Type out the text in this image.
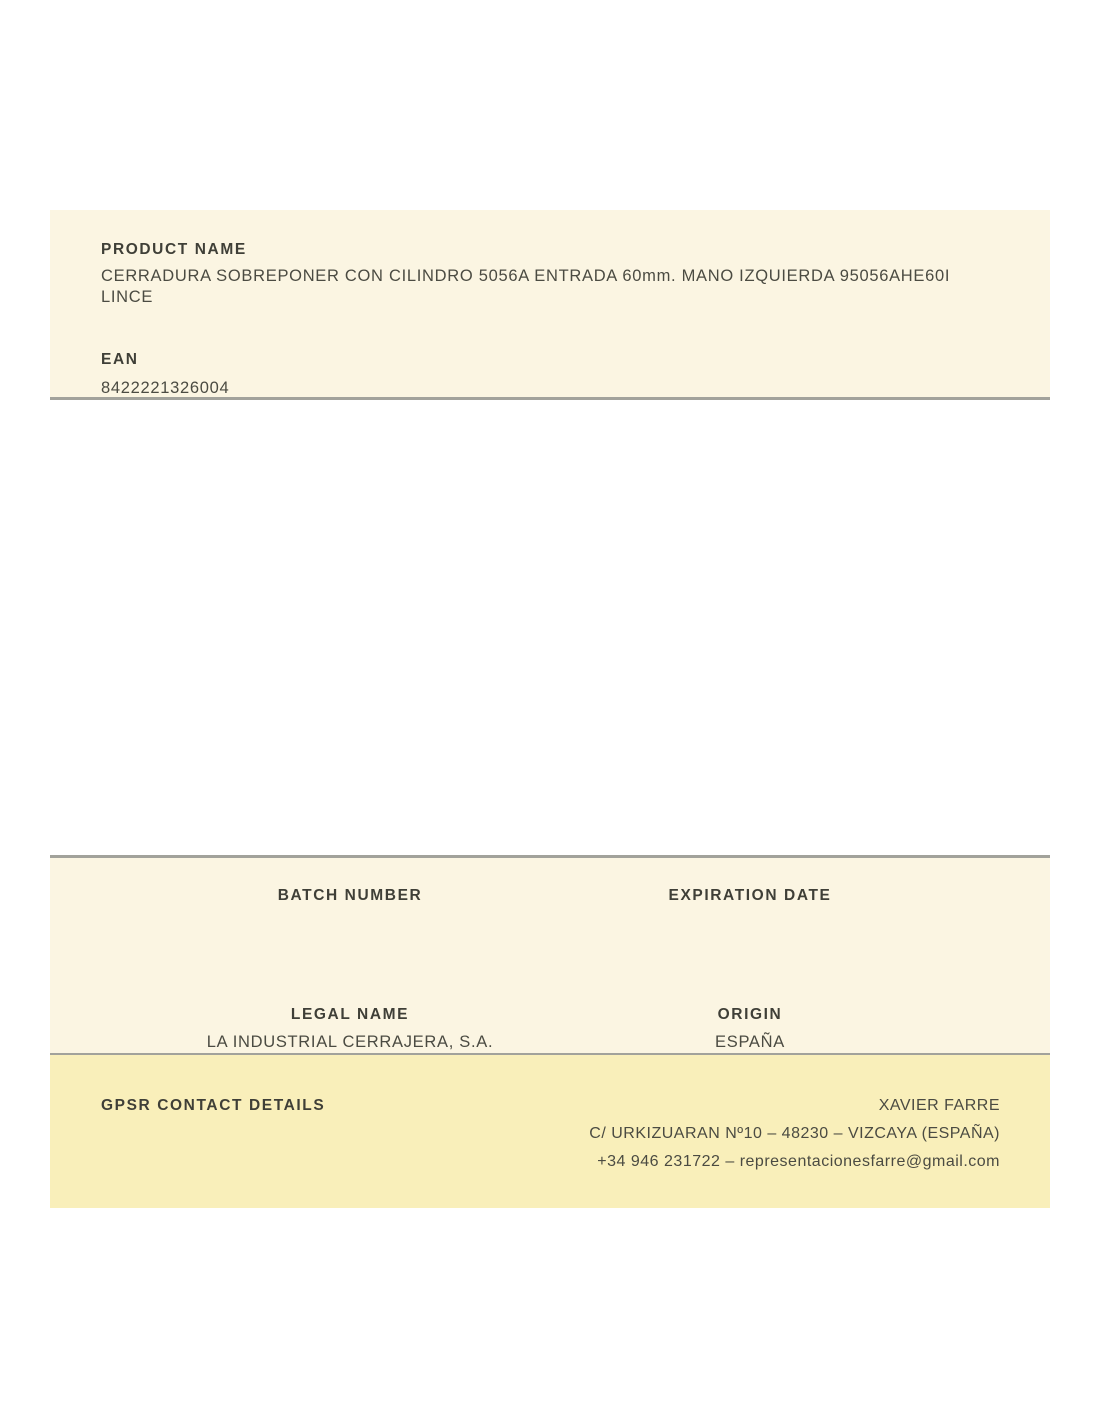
PRODUCT NAME
CERRADURA SOBREPONER CON CILINDRO 5056A ENTRADA 60mm. MANO IZQUIERDA 95056AHE60I LINCE
EAN
8422221326004
BATCH NUMBER	EXPIRATION DATE
LEGAL NAME
LA INDUSTRIAL CERRAJERA, S.A.
ORIGIN
ESPAÑA
GPSR CONTACT DETAILS	XAVIER FARRE
C/ URKIZUARAN Nº10 – 48230 – VIZCAYA (ESPAÑA)
+34 946 231722 – representacionesfarre@gmail.com
